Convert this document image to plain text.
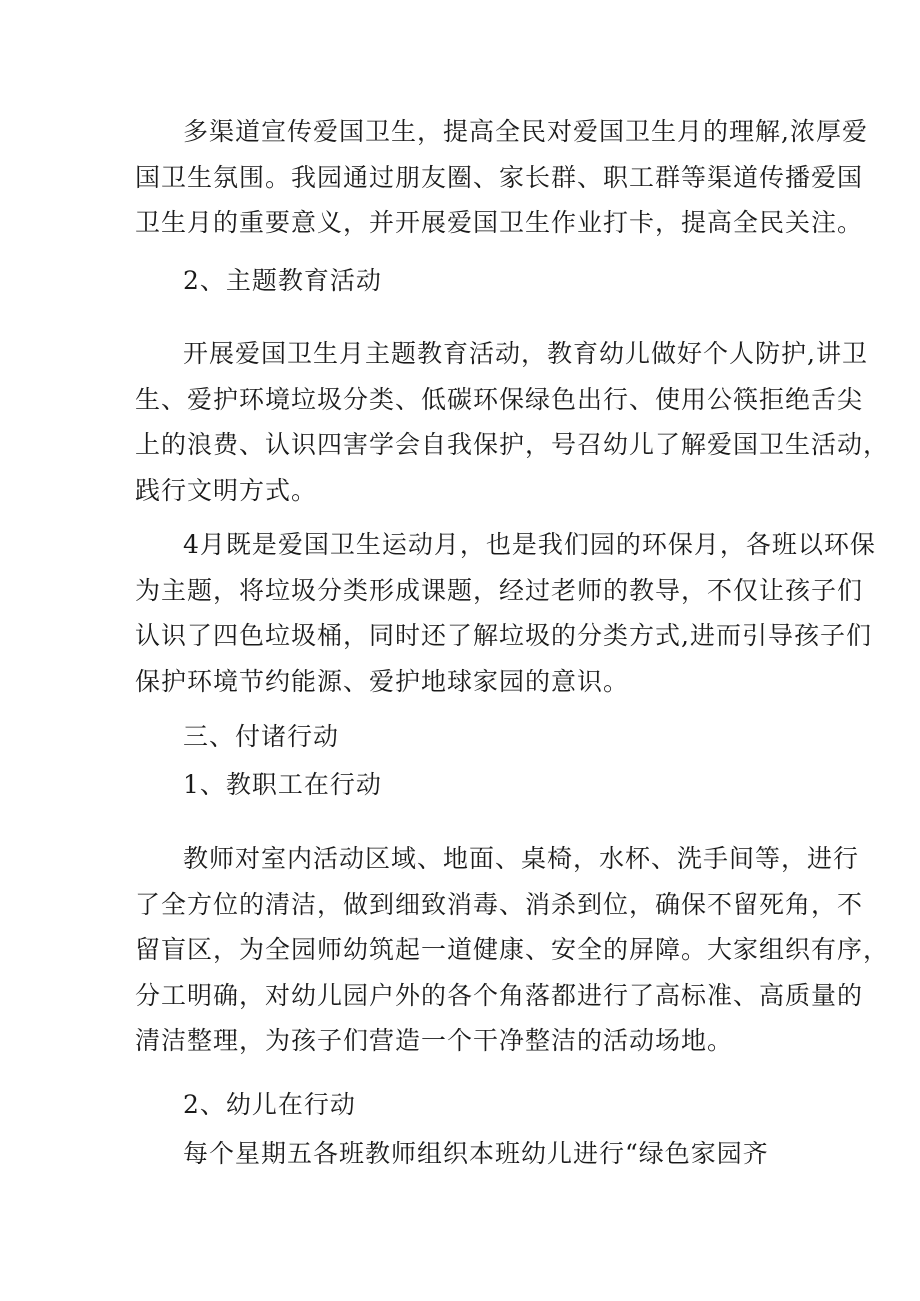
多渠道宣传爱国卫生，提高全民对爱国卫生月的理解,浓厚爱
国卫生氛围。我园通过朋友圈、家长群、职工群等渠道传播爱国
卫生月的重要意义，并开展爱国卫生作业打卡，提高全民关注。

2、主题教育活动

开展爱国卫生月主题教育活动，教育幼儿做好个人防护,讲卫
生、爱护环境垃圾分类、低碳环保绿色出行、使用公筷拒绝舌尖
上的浪费、认识四害学会自我保护，号召幼儿了解爱国卫生活动，
践行文明方式。

4月既是爱国卫生运动月，也是我们园的环保月，各班以环保
为主题，将垃圾分类形成课题，经过老师的教导，不仅让孩子们
认识了四色垃圾桶，同时还了解垃圾的分类方式,进而引导孩子们
保护环境节约能源、爱护地球家园的意识。

三、付诸行动

1、教职工在行动

教师对室内活动区域、地面、桌椅，水杯、洗手间等，进行
了全方位的清洁，做到细致消毒、消杀到位，确保不留死角，不
留盲区，为全园师幼筑起一道健康、安全的屏障。大家组织有序，
分工明确，对幼儿园户外的各个角落都进行了高标准、高质量的
清洁整理，为孩子们营造一个干净整洁的活动场地。

2、幼儿在行动

每个星期五各班教师组织本班幼儿进行“绿色家园齐
